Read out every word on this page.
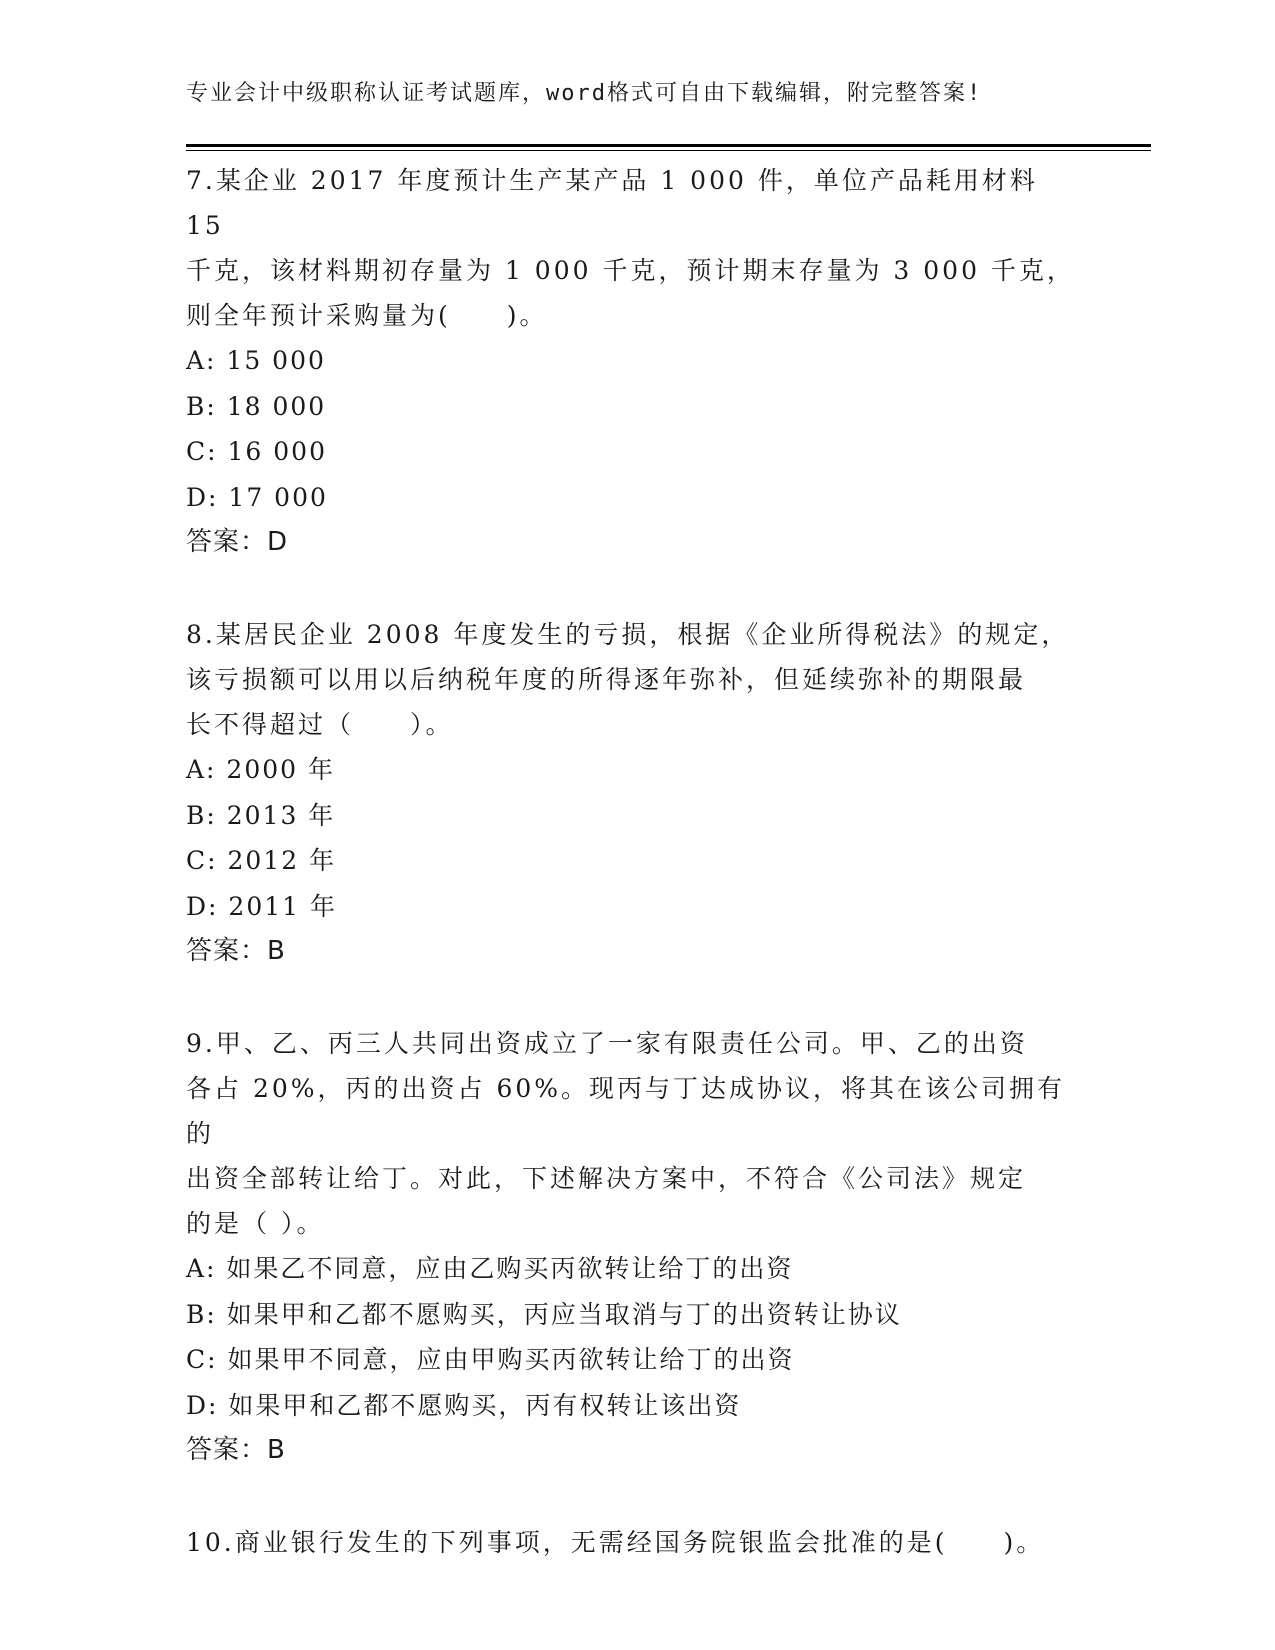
专业会计中级职称认证考试题库，word格式可自由下载编辑，附完整答案!

7.某企业 2017 年度预计生产某产品 1 000 件，单位产品耗用材料 15

千克，该材料期初存量为 1 000 千克，预计期末存量为 3 000 千克，

则全年预计采购量为(　　)。

A: 15 000
B: 18 000
C: 16 000
D: 17 000
答案：D

8.某居民企业 2008 年度发生的亏损，根据《企业所得税法》的规定，

该亏损额可以用以后纳税年度的所得逐年弥补，但延续弥补的期限最

长不得超过（　　）。

A: 2000 年
B: 2013 年
C: 2012 年
D: 2011 年
答案：B

9.甲、乙、丙三人共同出资成立了一家有限责任公司。甲、乙的出资

各占 20%，丙的出资占 60%。现丙与丁达成协议，将其在该公司拥有的

出资全部转让给丁。对此，下述解决方案中，不符合《公司法》规定

的是（ ）。

A: 如果乙不同意，应由乙购买丙欲转让给丁的出资
B: 如果甲和乙都不愿购买，丙应当取消与丁的出资转让协议
C: 如果甲不同意，应由甲购买丙欲转让给丁的出资
D: 如果甲和乙都不愿购买，丙有权转让该出资
答案：B

10.商业银行发生的下列事项，无需经国务院银监会批准的是(　　)。
